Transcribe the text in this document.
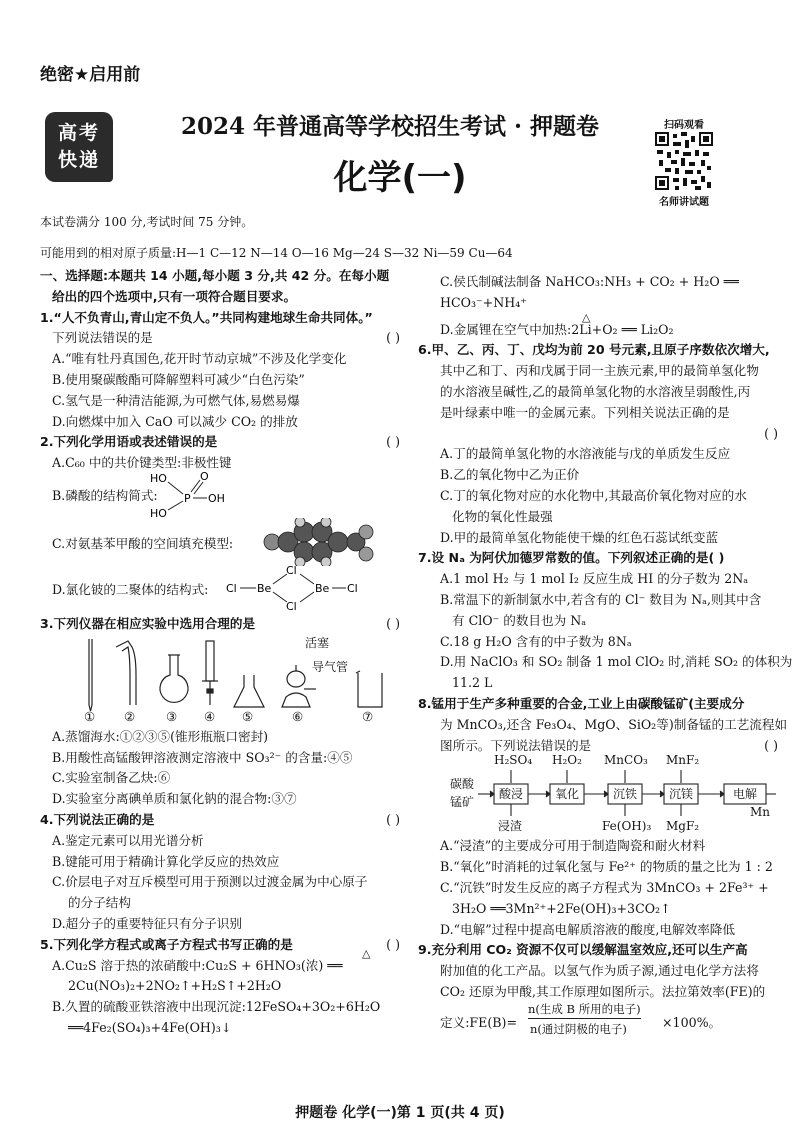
绝密★启用前
高考
快递
2024 年普通高等学校招生考试 · 押题卷
化学(一)
扫码观看
名师讲试题
本试卷满分 100 分,考试时间 75 分钟。
可能用到的相对原子质量:H—1 C—12 N—14 O—16 Mg—24 S—32 Ni—59 Cu—64
一、选择题:本题共 14 小题,每小题 3 分,共 42 分。在每小题
给出的四个选项中,只有一项符合题目要求。
1.“人不负青山,青山定不负人。”共同构建地球生命共同体。”
下列说法错误的是	( )
A.“唯有牡丹真国色,花开时节动京城”不涉及化学变化
B.使用聚碳酸酯可降解塑料可减少“白色污染”
C.氢气是一种清洁能源,为可燃气体,易燃易爆
D.向燃煤中加入 CaO 可以减少 CO₂ 的排放
2.下列化学用语或表述错误的是	( )
A.C₆₀ 中的共价键类型:非极性键
B.磷酸的结构简式:
HO
HO
P OH
O
C.对氨基苯甲酸的空间填充模型:
D.氯化铍的二聚体的结构式: Cl Be
Cl
Cl
Be Cl
3.下列仪器在相应实验中选用合理的是	( )
活塞
导气管
① ② ③ ④ ⑤	⑥	⑦
A.蒸馏海水:①②③⑤(锥形瓶瓶口密封)
B.用酸性高锰酸钾溶液测定溶液中 SO₃²⁻ 的含量:④⑤
C.实验室制备乙炔:⑥
D.实验室分离碘单质和氯化钠的混合物:③⑦
4.下列说法正确的是	( )
A.鉴定元素可以用光谱分析
B.键能可用于精确计算化学反应的热效应
C.价层电子对互斥模型可用于预测以过渡金属为中心原子
的分子结构
D.超分子的重要特征只有分子识别
5.下列化学方程式或离子方程式书写正确的是	( )
A.Cu₂S 溶于热的浓硝酸中:Cu₂S + 6HNO₃(浓) ══
△
2Cu(NO₃)₂+2NO₂↑+H₂S↑+2H₂O
B.久置的硫酸亚铁溶液中出现沉淀:12FeSO₄+3O₂+6H₂O
══4Fe₂(SO₄)₃+4Fe(OH)₃↓
C.侯氏制碱法制备 NaHCO₃:NH₃ + CO₂ + H₂O ══
HCO₃⁻+NH₄⁺
D.金属锂在空气中加热:2Li+O₂ ══ Li₂O₂
△
6.甲、乙、丙、丁、戊均为前 20 号元素,且原子序数依次增大,
其中乙和丁、丙和戊属于同一主族元素,甲的最简单氢化物
的水溶液呈碱性,乙的最简单氢化物的水溶液呈弱酸性,丙
是叶绿素中唯一的金属元素。下列相关说法正确的是
( )
A.丁的最简单氢化物的水溶液能与戊的单质发生反应
B.乙的氧化物中乙为正价
C.丁的氧化物对应的水化物中,其最高价氧化物对应的水
化物的氧化性最强
D.甲的最简单氢化物能使干燥的红色石蕊试纸变蓝
7.设 Nₐ 为阿伏加德罗常数的值。下列叙述正确的是( )
A.1 mol H₂ 与 1 mol I₂ 反应生成 HI 的分子数为 2Nₐ
B.常温下的新制氯水中,若含有的 Cl⁻ 数目为 Nₐ,则其中含
有 ClO⁻ 的数目也为 Nₐ
C.18 g H₂O 含有的中子数为 8Nₐ
D.用 NaClO₃ 和 SO₂ 制备 1 mol ClO₂ 时,消耗 SO₂ 的体积为
11.2 L
8.锰用于生产多种重要的合金,工业上由碳酸锰矿(主要成分
为 MnCO₃,还含 Fe₃O₄、MgO、SiO₂等)制备锰的工艺流程如
图所示。下列说法错误的是	( )
H₂SO₄ H₂O₂ MnCO₃ MnF₂
碳酸
锰矿
酸浸	氧化	沉铁	沉镁	电解
Mn
浸渣	Fe(OH)₃ MgF₂
A.“浸渣”的主要成分可用于制造陶瓷和耐火材料
B.“氧化”时消耗的过氧化氢与 Fe²⁺ 的物质的量之比为 1 : 2
C.“沉铁”时发生反应的离子方程式为 3MnCO₃ + 2Fe³⁺ +
3H₂O ══3Mn²⁺+2Fe(OH)₃+3CO₂↑
D.“电解”过程中提高电解质溶液的酸度,电解效率降低
9.充分利用 CO₂ 资源不仅可以缓解温室效应,还可以生产高
附加值的化工产品。以氢气作为质子源,通过电化学方法将
CO₂ 还原为甲酸,其工作原理如图所示。法拉第效率(FE)的
定义:FE(B)=
n(生成 B 所用的电子)
n(通过阴极的电子)	×100%。
押题卷 化学(一)第 1 页(共 4 页)
